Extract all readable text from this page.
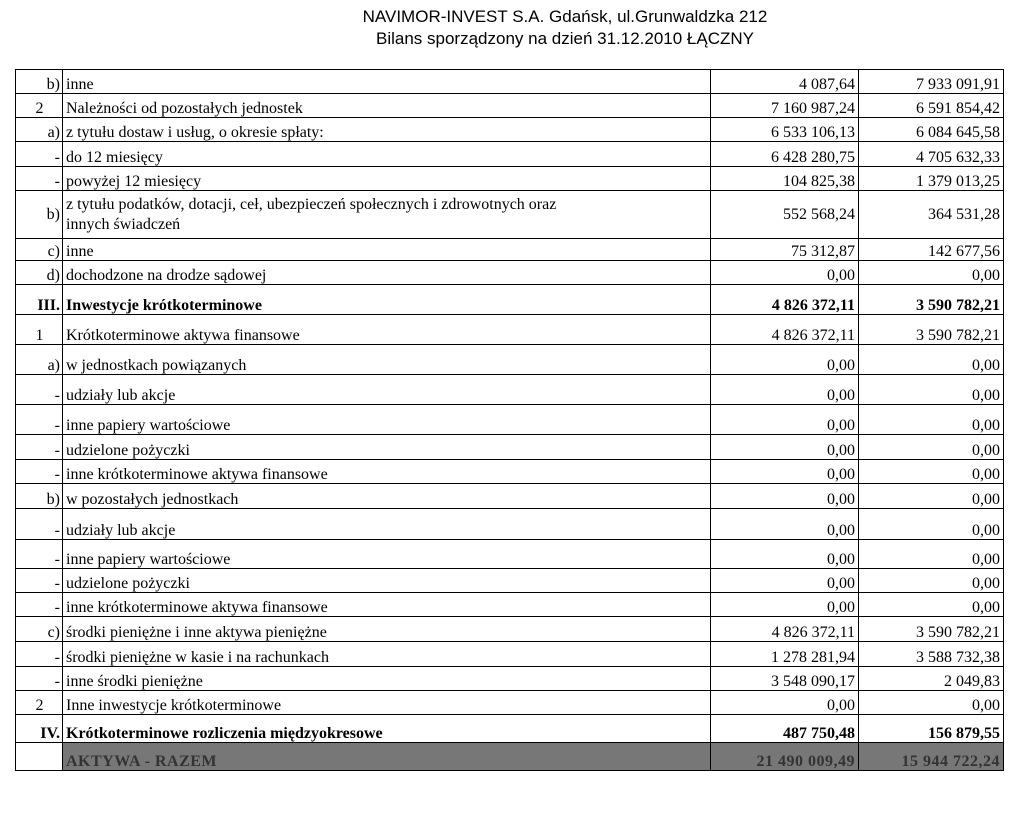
NAVIMOR-INVEST S.A. Gdańsk, ul.Grunwaldzka 212
Bilans sporządzony na dzień 31.12.2010 ŁĄCZNY
b)	inne	4 087,64	7 933 091,91
2	Należności od pozostałych jednostek	7 160 987,24	6 591 854,42
a)	z tytułu dostaw i usług, o okresie spłaty:	6 533 106,13	6 084 645,58
-	do 12 miesięcy	6 428 280,75	4 705 632,33
-	powyżej 12 miesięcy	104 825,38	1 379 013,25
b)	z tytułu podatków, dotacji, ceł, ubezpieczeń społecznych i zdrowotnych oraz innych świadczeń	552 568,24	364 531,28
c)	inne	75 312,87	142 677,56
d)	dochodzone na drodze sądowej	0,00	0,00
III.	Inwestycje krótkoterminowe	4 826 372,11	3 590 782,21
1	Krótkoterminowe aktywa finansowe	4 826 372,11	3 590 782,21
a)	w jednostkach powiązanych	0,00	0,00
-	udziały lub akcje	0,00	0,00
-	inne papiery wartościowe	0,00	0,00
-	udzielone pożyczki	0,00	0,00
-	inne krótkoterminowe aktywa finansowe	0,00	0,00
b)	w pozostałych jednostkach	0,00	0,00
-	udziały lub akcje	0,00	0,00
-	inne papiery wartościowe	0,00	0,00
-	udzielone pożyczki	0,00	0,00
-	inne krótkoterminowe aktywa finansowe	0,00	0,00
c)	środki pieniężne i inne aktywa pieniężne	4 826 372,11	3 590 782,21
-	środki pieniężne w kasie i na rachunkach	1 278 281,94	3 588 732,38
-	inne środki pieniężne	3 548 090,17	2 049,83
2	Inne inwestycje krótkoterminowe	0,00	0,00
IV.	Krótkoterminowe rozliczenia międzyokresowe	487 750,48	156 879,55
	AKTYWA - RAZEM	21 490 009,49	15 944 722,24
